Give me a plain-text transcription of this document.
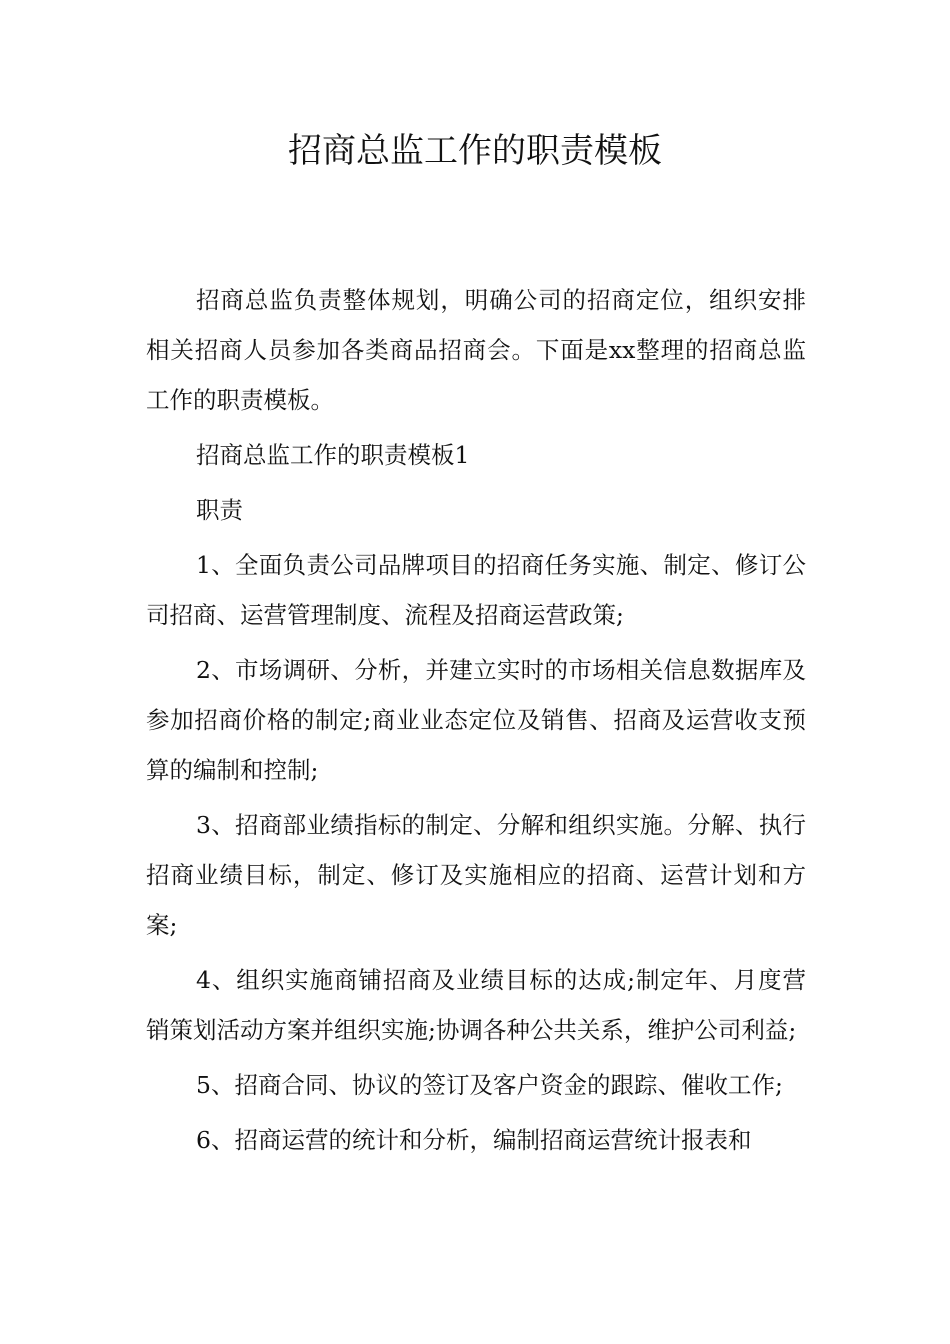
招商总监工作的职责模板

招商总监负责整体规划，明确公司的招商定位，组织安排相关招商人员参加各类商品招商会。下面是xx整理的招商总监工作的职责模板。

招商总监工作的职责模板1

职责

1、全面负责公司品牌项目的招商任务实施、制定、修订公司招商、运营管理制度、流程及招商运营政策;

2、市场调研、分析，并建立实时的市场相关信息数据库及参加招商价格的制定;商业业态定位及销售、招商及运营收支预算的编制和控制;

3、招商部业绩指标的制定、分解和组织实施。分解、执行招商业绩目标，制定、修订及实施相应的招商、运营计划和方案;

4、组织实施商铺招商及业绩目标的达成;制定年、月度营销策划活动方案并组织实施;协调各种公共关系，维护公司利益;

5、招商合同、协议的签订及客户资金的跟踪、催收工作;

6、招商运营的统计和分析，编制招商运营统计报表和
